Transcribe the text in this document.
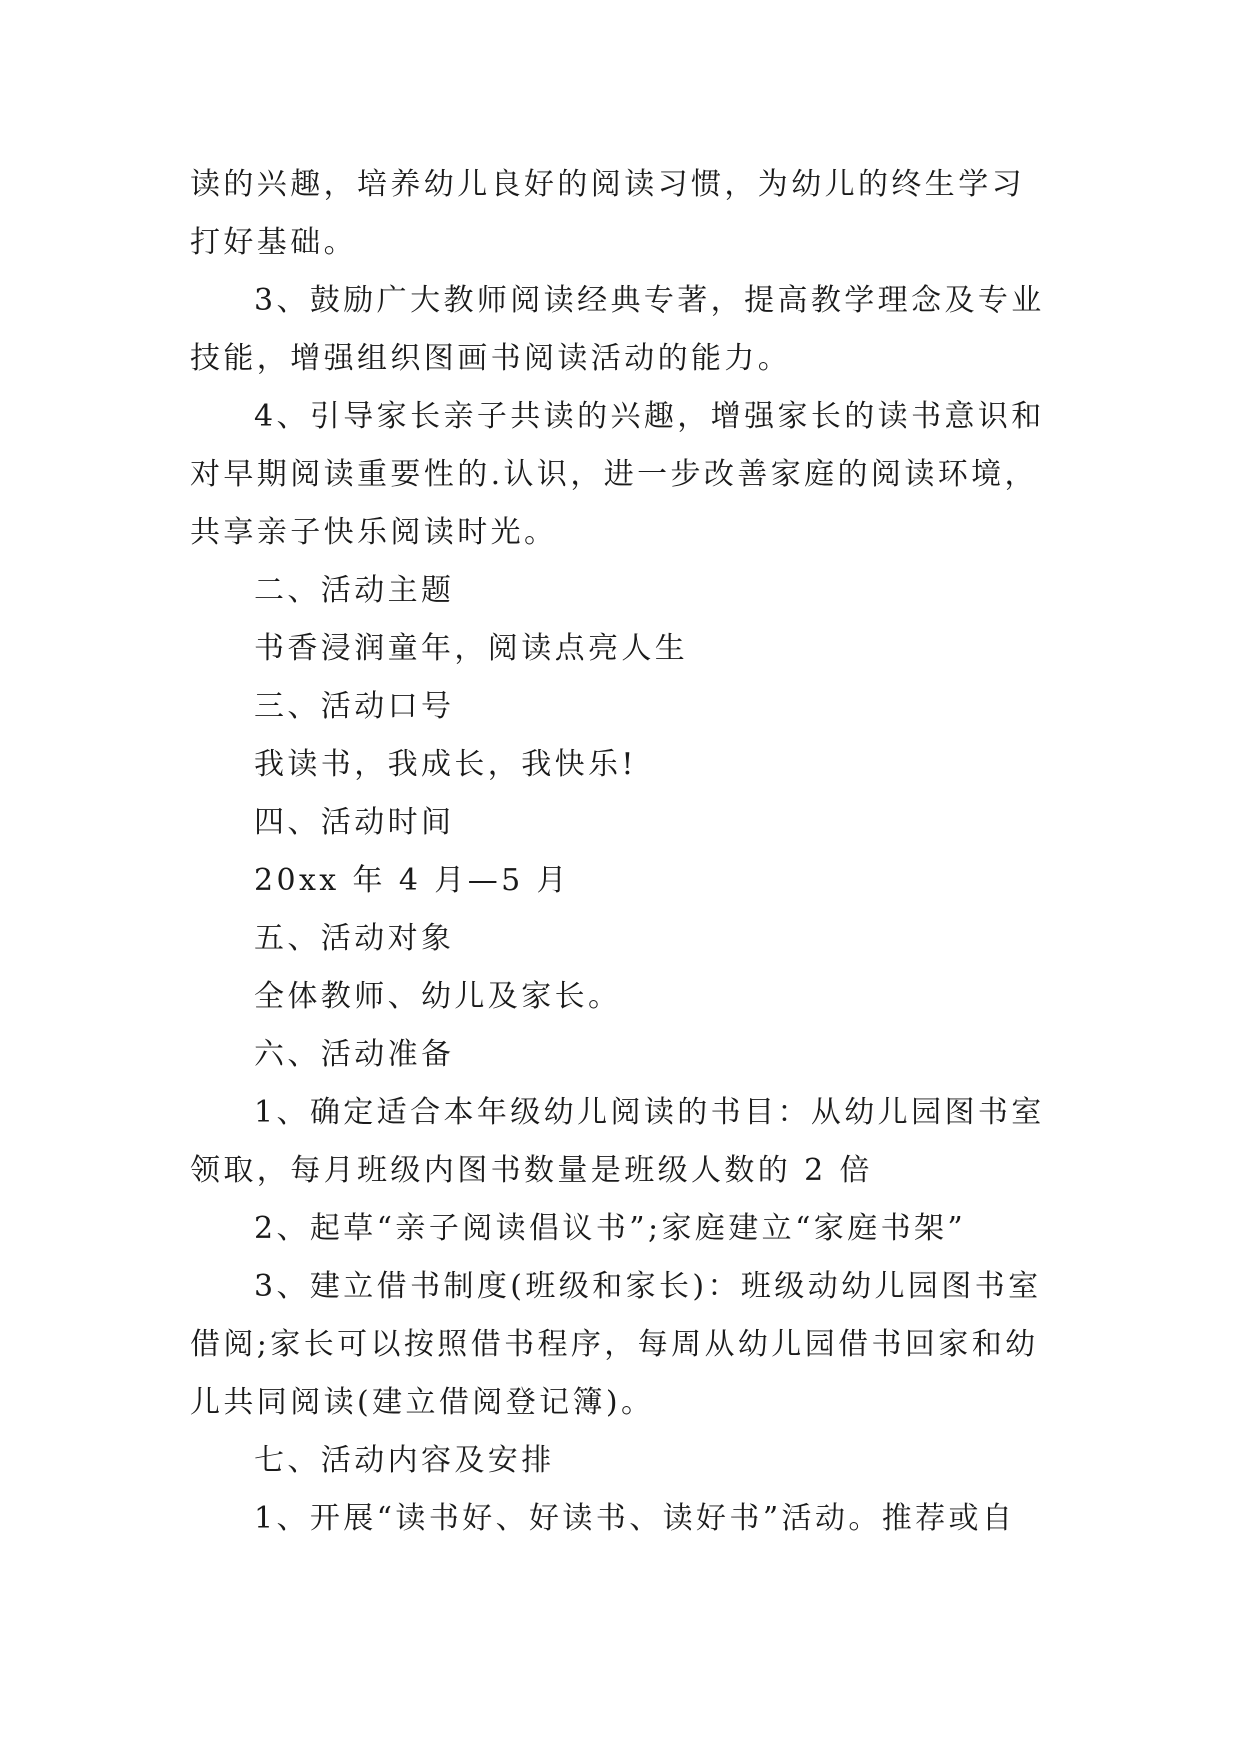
读的兴趣，培养幼儿良好的阅读习惯，为幼儿的终生学习打好基础。

3、鼓励广大教师阅读经典专著，提高教学理念及专业技能，增强组织图画书阅读活动的能力。

4、引导家长亲子共读的兴趣，增强家长的读书意识和对早期阅读重要性的.认识，进一步改善家庭的阅读环境，共享亲子快乐阅读时光。

二、活动主题

书香浸润童年，阅读点亮人生

三、活动口号

我读书，我成长，我快乐!

四、活动时间

20xx 年 4 月—5 月

五、活动对象

全体教师、幼儿及家长。

六、活动准备

1、确定适合本年级幼儿阅读的书目：从幼儿园图书室领取，每月班级内图书数量是班级人数的 2 倍

2、起草“亲子阅读倡议书”;家庭建立“家庭书架”

3、建立借书制度(班级和家长)：班级动幼儿园图书室借阅;家长可以按照借书程序，每周从幼儿园借书回家和幼儿共同阅读(建立借阅登记簿)。

七、活动内容及安排

1、开展“读书好、好读书、读好书”活动。推荐或自
